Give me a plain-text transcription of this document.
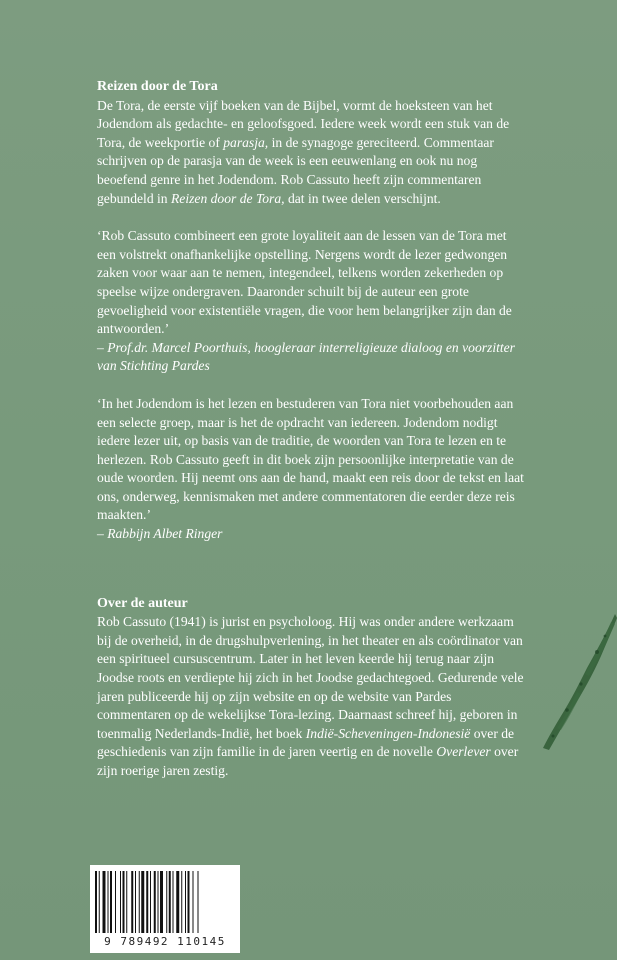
Reizen door de Tora

De Tora, de eerste vijf boeken van de Bijbel, vormt de hoeksteen van het Jodendom als gedachte- en geloofsgoed. Iedere week wordt een stuk van de Tora, de weekportie of parasja, in de synagoge gereciteerd. Commentaar schrijven op de parasja van de week is een eeuwenlang en ook nu nog beoefend genre in het Jodendom. Rob Cassuto heeft zijn commentaren gebundeld in Reizen door de Tora, dat in twee delen verschijnt.

‘Rob Cassuto combineert een grote loyaliteit aan de lessen van de Tora met een volstrekt onafhankelijke opstelling. Nergens wordt de lezer gedwongen zaken voor waar aan te nemen, integendeel, telkens worden zekerheden op speelse wijze ondergraven. Daaronder schuilt bij de auteur een grote gevoeligheid voor existentiële vragen, die voor hem belangrijker zijn dan de antwoorden.’

– Prof.dr. Marcel Poorthuis, hoogleraar interreligieuze dialoog en voorzitter van Stichting Pardes

‘In het Jodendom is het lezen en bestuderen van Tora niet voorbehouden aan een selecte groep, maar is het de opdracht van iedereen. Jodendom nodigt iedere lezer uit, op basis van de traditie, de woorden van Tora te lezen en te herlezen. Rob Cassuto geeft in dit boek zijn persoonlijke interpretatie van de oude woorden. Hij neemt ons aan de hand, maakt een reis door de tekst en laat ons, onderweg, kennismaken met andere commentatoren die eerder deze reis maakten.’

– Rabbijn Albet Ringer
Over de auteur

Rob Cassuto (1941) is jurist en psycholoog. Hij was onder andere werkzaam bij de overheid, in de drugshulpverlening, in het theater en als coördinator van een spiritueel cursuscentrum. Later in het leven keerde hij terug naar zijn Joodse roots en verdiepte hij zich in het Joodse gedachtegoed. Gedurende vele jaren publiceerde hij op zijn website en op de website van Pardes commentaren op de wekelijkse Tora-lezing. Daarnaast schreef hij, geboren in toenmalig Nederlands-Indië, het boek Indië-Scheveningen-Indonesië over de geschiedenis van zijn familie in de jaren veertig en de novelle Overlever over zijn roerige jaren zestig.

9 789492 110145
